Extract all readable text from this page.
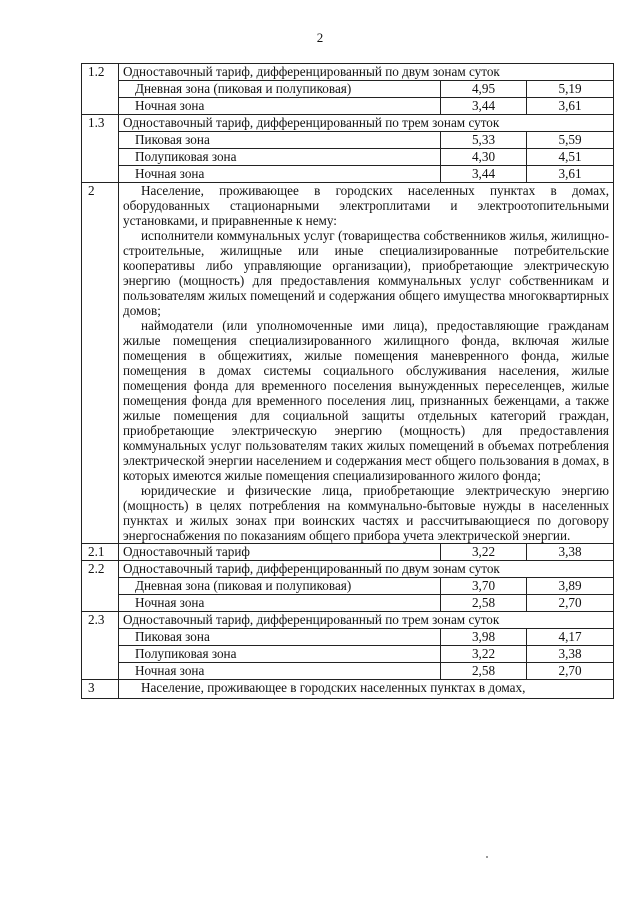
2
1.2	Одноставочный тариф, дифференцированный по двум зонам суток		
	Дневная зона (пиковая и полупиковая)	4,95	5,19
	Ночная зона	3,44	3,61
1.3	Одноставочный тариф, дифференцированный по трем зонам суток		
	Пиковая зона	5,33	5,59
	Полупиковая зона	4,30	4,51
	Ночная зона	3,44	3,61
2	Население, проживающее в городских населенных пунктах в домах, оборудованных стационарными электроплитами и электроотопительными установками, и приравненные к нему:

исполнители коммунальных услуг (товарищества собственников жилья, жилищно-строительные, жилищные или иные специализированные потребительские кооперативы либо управляющие организации), приобретающие электрическую энергию (мощность) для предоставления коммунальных услуг собственникам и пользователям жилых помещений и содержания общего имущества многоквартирных домов;

наймодатели (или уполномоченные ими лица), предоставляющие гражданам жилые помещения специализированного жилищного фонда, включая жилые помещения в общежитиях, жилые помещения маневренного фонда, жилые помещения в домах системы социального обслуживания населения, жилые помещения фонда для временного поселения вынужденных переселенцев, жилые помещения фонда для временного поселения лиц, признанных беженцами, а также жилые помещения для социальной защиты отдельных категорий граждан, приобретающие электрическую энергию (мощность) для предоставления коммунальных услуг пользователям таких жилых помещений в объемах потребления электрической энергии населением и содержания мест общего пользования в домах, в которых имеются жилые помещения специализированного жилого фонда;

юридические и физические лица, приобретающие электрическую энергию (мощность) в целях потребления на коммунально-бытовые нужды в населенных пунктах и жилых зонах при воинских частях и рассчитывающиеся по договору энергоснабжения по показаниям общего прибора учета электрической энергии.		

2.1	Одноставочный тариф	3,22	3,38
2.2	Одноставочный тариф, дифференцированный по двум зонам суток		
	Дневная зона (пиковая и полупиковая)	3,70	3,89
	Ночная зона	2,58	2,70
2.3	Одноставочный тариф, дифференцированный по трем зонам суток		
	Пиковая зона	3,98	4,17
	Полупиковая зона	3,22	3,38
	Ночная зона	2,58	2,70
3	Население, проживающее в городских населенных пунктах в домах,		
